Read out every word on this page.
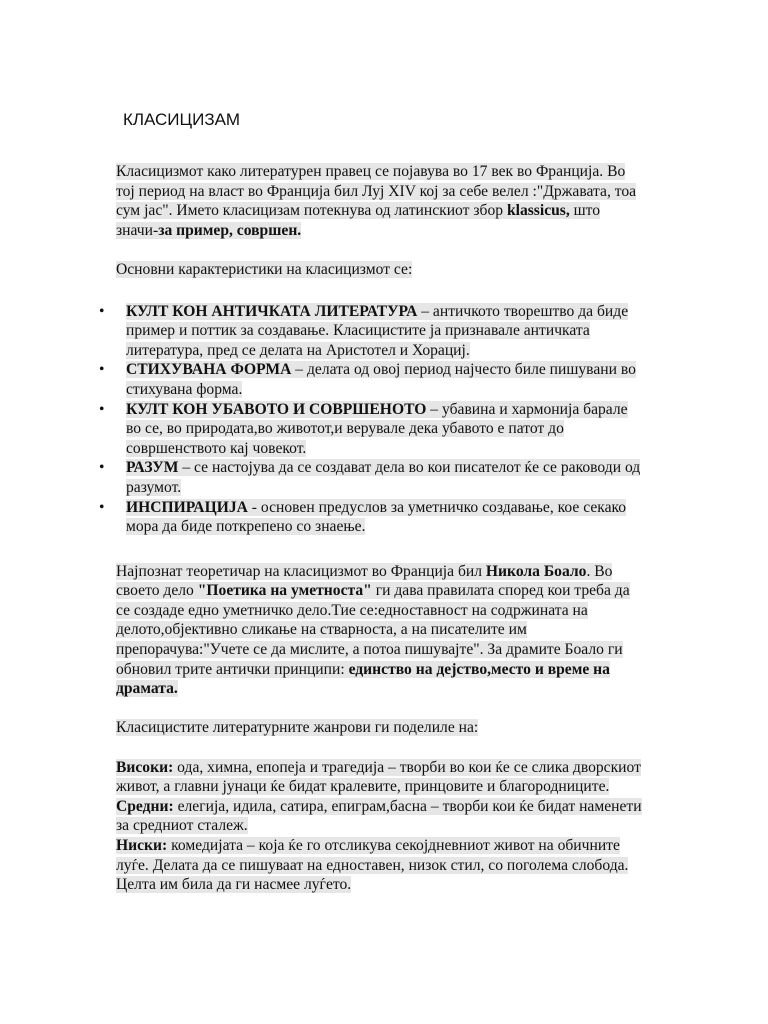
КЛАСИЦИЗАМ

Класицизмот како литературен правец се појавува во 17 век во Франција. Во тој период на власт во Франција бил Луј XIV кој за себе велел :"Државата, тоа сум јас". Името класицизам потекнува од латинскиот збор klassicus, што значи-за пример, совршен.

Основни карактеристики на класицизмот се:

• КУЛТ КОН АНТИЧКАТА ЛИТЕРАТУРА – античкото творештво да биде пример и поттик за создавање. Класицистите ја признавале античката литература, пред се делата на Аристотел и Хорациј.
• СТИХУВАНА ФОРМА – делата од овој период најчесто биле пишувани во стихувана форма.
• КУЛТ КОН УБАВОТО И СОВРШЕНОТО – убавина и хармонија барале во се, во природата,во животот,и верувале дека убавото е патот до совршенството кај човекот.
• РАЗУМ – се настојува да се создават дела во кои писателот ќе се раководи од разумот.
• ИНСПИРАЦИЈА - основен предуслов за уметничко создавање, кое секако мора да биде поткрепено со знаење.

Најпознат теоретичар на класицизмот во Франција бил Никола Боало. Во своето дело "Поетика на уметноста" ги дава правилата според кои треба да се создаде едно уметничко дело.Тие се:едноставност на содржината на делото,објективно сликање на стварноста, а на писателите им препорачува:"Учете се да мислите, а потоа пишувајте". За драмите Боало ги обновил трите антички принципи: единство на дејство,место и време на драмата.

Класицистите литературните жанрови ги поделиле на:

Високи: ода, химна, епопеја и трагедија – творби во кои ќе се слика дворскиот живот, а главни јунаци ќе бидат кралевите, принцовите и благородниците.

Средни: елегија, идила, сатира, епиграм,басна – творби кои ќе бидат наменети за средниот сталеж.

Ниски: комедијата – која ќе го отсликува секојдневниот живот на обичните луѓе. Делата да се пишуваат на едноставен, низок стил, со поголема слобода. Целта им била да ги насмее луѓето.
